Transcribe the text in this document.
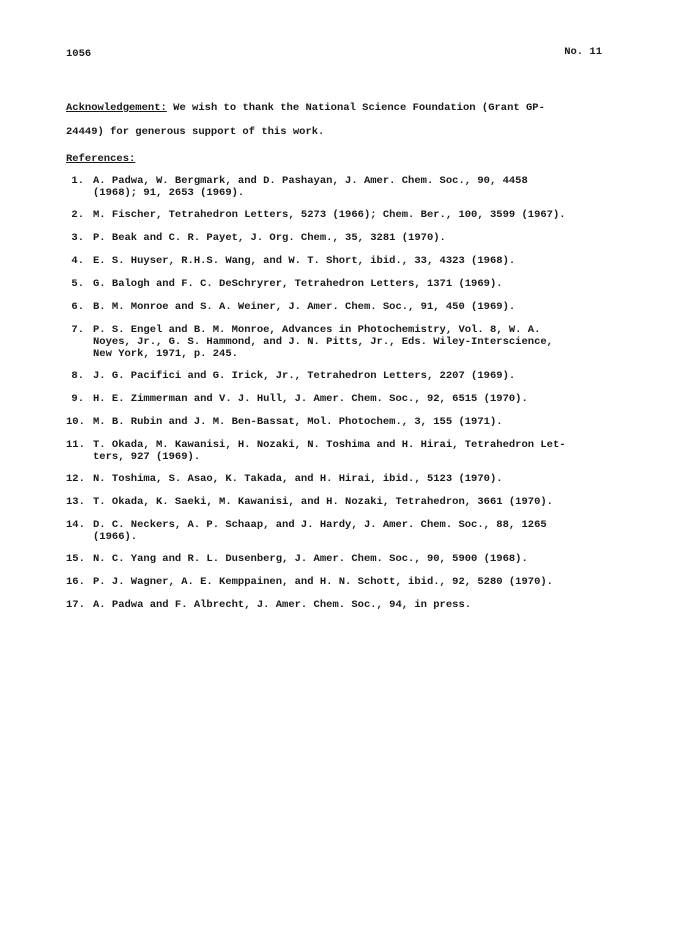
1056	No. 11
Acknowledgement: We wish to thank the National Science Foundation (Grant GP-
24449) for generous support of this work.
References:
1. A. Padwa, W. Bergmark, and D. Pashayan, J. Amer. Chem. Soc., 90, 4458
(1968); 91, 2653 (1969).
2. M. Fischer, Tetrahedron Letters, 5273 (1966); Chem. Ber., 100, 3599 (1967).
3. P. Beak and C. R. Payet, J. Org. Chem., 35, 3281 (1970).
4. E. S. Huyser, R.H.S. Wang, and W. T. Short, ibid., 33, 4323 (1968).
5. G. Balogh and F. C. DeSchryrer, Tetrahedron Letters, 1371 (1969).
6. B. M. Monroe and S. A. Weiner, J. Amer. Chem. Soc., 91, 450 (1969).
7. P. S. Engel and B. M. Monroe, Advances in Photochemistry, Vol. 8, W. A.
Noyes, Jr., G. S. Hammond, and J. N. Pitts, Jr., Eds. Wiley-Interscience,
New York, 1971, p. 245.
8. J. G. Pacifici and G. Irick, Jr., Tetrahedron Letters, 2207 (1969).
9. H. E. Zimmerman and V. J. Hull, J. Amer. Chem. Soc., 92, 6515 (1970).
10. M. B. Rubin and J. M. Ben-Bassat, Mol. Photochem., 3, 155 (1971).
11. T. Okada, M. Kawanisi, H. Nozaki, N. Toshima and H. Hirai, Tetrahedron Let-
ters, 927 (1969).
12. N. Toshima, S. Asao, K. Takada, and H. Hirai, ibid., 5123 (1970).
13. T. Okada, K. Saeki, M. Kawanisi, and H. Nozaki, Tetrahedron, 3661 (1970).
14. D. C. Neckers, A. P. Schaap, and J. Hardy, J. Amer. Chem. Soc., 88, 1265
(1966).
15. N. C. Yang and R. L. Dusenberg, J. Amer. Chem. Soc., 90, 5900 (1968).
16. P. J. Wagner, A. E. Kemppainen, and H. N. Schott, ibid., 92, 5280 (1970).
17. A. Padwa and F. Albrecht, J. Amer. Chem. Soc., 94, in press.
